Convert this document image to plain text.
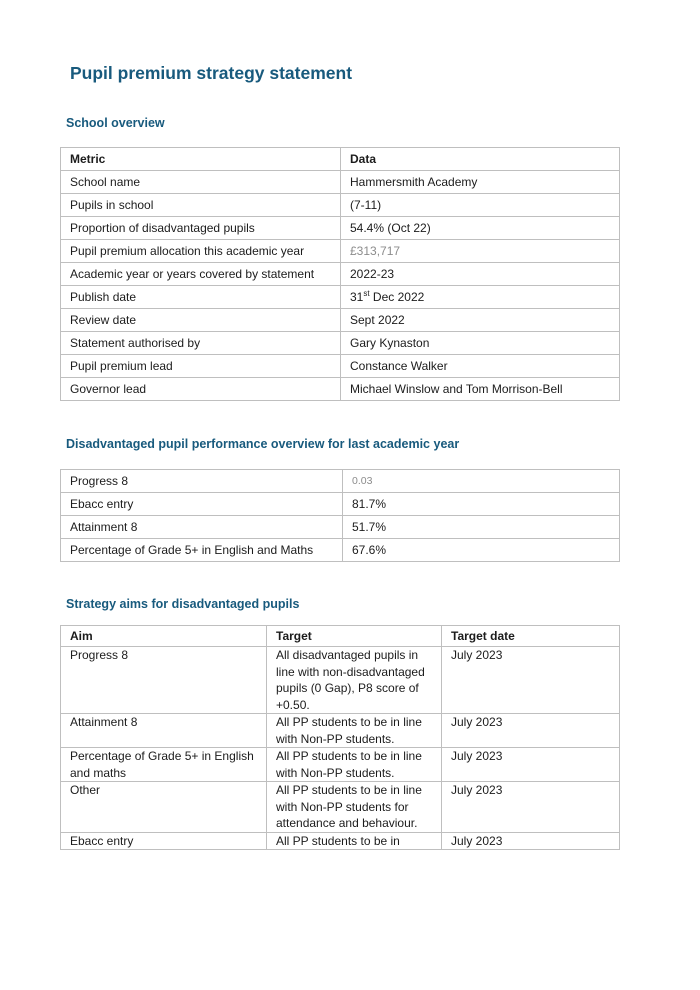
Pupil premium strategy statement
School overview
Metric	Data
School name	Hammersmith Academy
Pupils in school	(7-11)
Proportion of disadvantaged pupils	54.4% (Oct 22)
Pupil premium allocation this academic year	£313,717
Academic year or years covered by statement	2022-23
Publish date	31st Dec 2022
Review date	Sept 2022
Statement authorised by	Gary Kynaston
Pupil premium lead	Constance Walker
Governor lead	Michael Winslow and Tom Morrison-Bell
Disadvantaged pupil performance overview for last academic year
Progress 8	0.03
Ebacc entry	81.7%
Attainment 8	51.7%
Percentage of Grade 5+ in English and Maths	67.6%
Strategy aims for disadvantaged pupils
Aim	Target	Target date
Progress 8	All disadvantaged pupils in line with non-disadvantaged pupils (0 Gap), P8 score of +0.50.	July 2023
Attainment 8	All PP students to be in line with Non-PP students.	July 2023
Percentage of Grade 5+ in English and maths	All PP students to be in line with Non-PP students.	July 2023
Other	All PP students to be in line with Non-PP students for attendance and behaviour.	July 2023
Ebacc entry	All PP students to be in	July 2023
